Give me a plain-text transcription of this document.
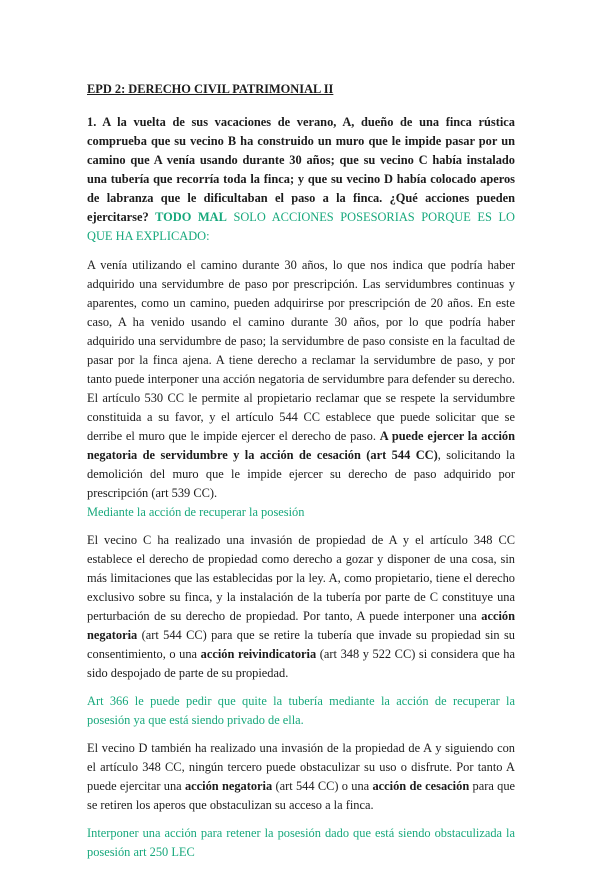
EPD 2: DERECHO CIVIL PATRIMONIAL II

1. A la vuelta de sus vacaciones de verano, A, dueño de una finca rústica comprueba que su vecino B ha construido un muro que le impide pasar por un camino que A venía usando durante 30 años; que su vecino C había instalado una tubería que recorría toda la finca; y que su vecino D había colocado aperos de labranza que le dificultaban el paso a la finca. ¿Qué acciones pueden ejercitarse? TODO MAL SOLO ACCIONES POSESORIAS PORQUE ES LO QUE HA EXPLICADO:

A venía utilizando el camino durante 30 años, lo que nos indica que podría haber adquirido una servidumbre de paso por prescripción. Las servidumbres continuas y aparentes, como un camino, pueden adquirirse por prescripción de 20 años. En este caso, A ha venido usando el camino durante 30 años, por lo que podría haber adquirido una servidumbre de paso; la servidumbre de paso consiste en la facultad de pasar por la finca ajena. A tiene derecho a reclamar la servidumbre de paso, y por tanto puede interponer una acción negatoria de servidumbre para defender su derecho. El artículo 530 CC le permite al propietario reclamar que se respete la servidumbre constituida a su favor, y el artículo 544 CC establece que puede solicitar que se derribe el muro que le impide ejercer el derecho de paso. A puede ejercer la acción negatoria de servidumbre y la acción de cesación (art 544 CC), solicitando la demolición del muro que le impide ejercer su derecho de paso adquirido por prescripción (art 539 CC).
Mediante la acción de recuperar la posesión

El vecino C ha realizado una invasión de propiedad de A y el artículo 348 CC establece el derecho de propiedad como derecho a gozar y disponer de una cosa, sin más limitaciones que las establecidas por la ley. A, como propietario, tiene el derecho exclusivo sobre su finca, y la instalación de la tubería por parte de C constituye una perturbación de su derecho de propiedad. Por tanto, A puede interponer una acción negatoria (art 544 CC) para que se retire la tubería que invade su propiedad sin su consentimiento, o una acción reivindicatoria (art 348 y 522 CC) si considera que ha sido despojado de parte de su propiedad.

Art 366 le puede pedir que quite la tubería mediante la acción de recuperar la posesión ya que está siendo privado de ella.

El vecino D también ha realizado una invasión de la propiedad de A y siguiendo con el artículo 348 CC, ningún tercero puede obstaculizar su uso o disfrute. Por tanto A puede ejercitar una acción negatoria (art 544 CC) o una acción de cesación para que se retiren los aperos que obstaculizan su acceso a la finca.

Interponer una acción para retener la posesión dado que está siendo obstaculizada la posesión art 250 LEC
